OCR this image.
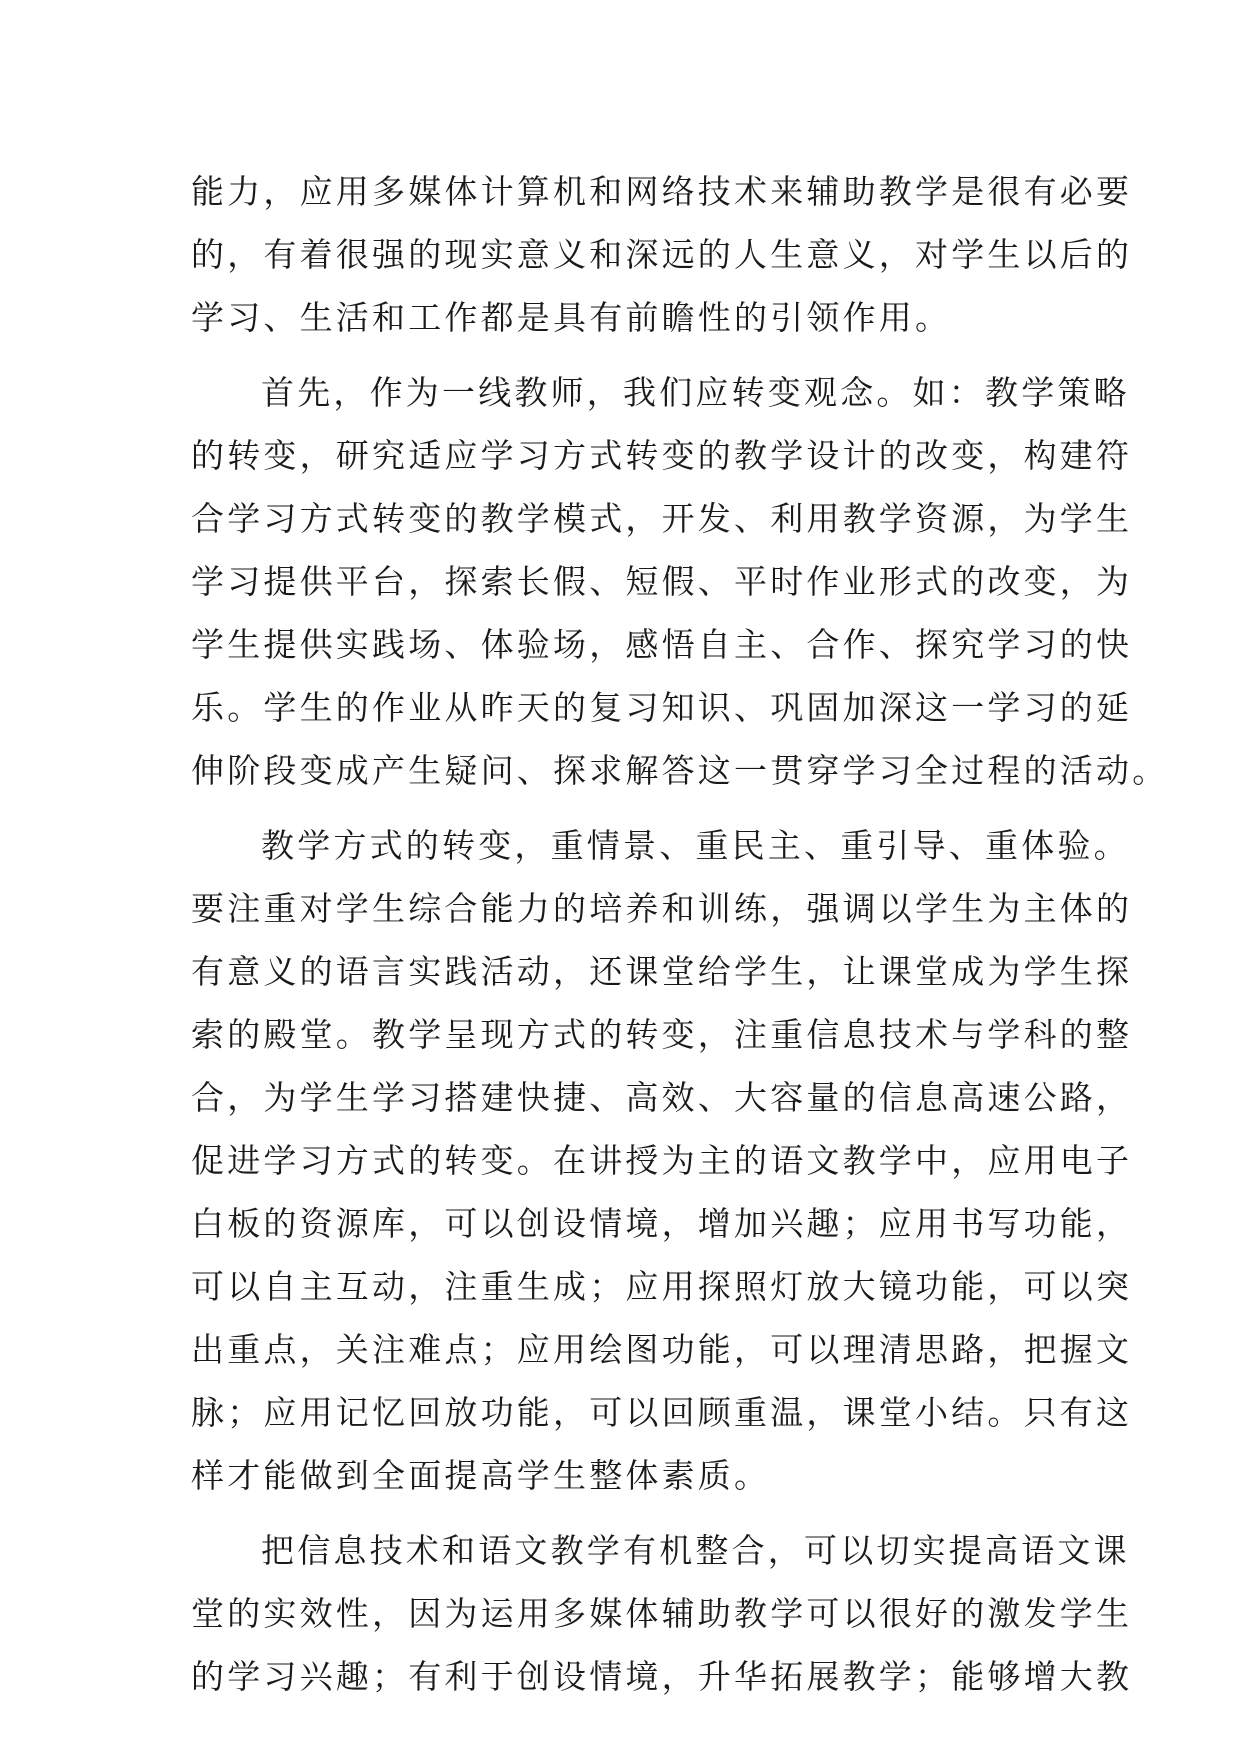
能力，应用多媒体计算机和网络技术来辅助教学是很有必要
的，有着很强的现实意义和深远的人生意义，对学生以后的
学习、生活和工作都是具有前瞻性的引领作用。
首先，作为一线教师，我们应转变观念。如：教学策略
的转变，研究适应学习方式转变的教学设计的改变，构建符
合学习方式转变的教学模式，开发、利用教学资源，为学生
学习提供平台，探索长假、短假、平时作业形式的改变，为
学生提供实践场、体验场，感悟自主、合作、探究学习的快
乐。学生的作业从昨天的复习知识、巩固加深这一学习的延
伸阶段变成产生疑问、探求解答这一贯穿学习全过程的活动。
教学方式的转变，重情景、重民主、重引导、重体验。
要注重对学生综合能力的培养和训练，强调以学生为主体的
有意义的语言实践活动，还课堂给学生，让课堂成为学生探
索的殿堂。教学呈现方式的转变，注重信息技术与学科的整
合，为学生学习搭建快捷、高效、大容量的信息高速公路，
促进学习方式的转变。在讲授为主的语文教学中，应用电子
白板的资源库，可以创设情境，增加兴趣；应用书写功能，
可以自主互动，注重生成；应用探照灯放大镜功能，可以突
出重点，关注难点；应用绘图功能，可以理清思路，把握文
脉；应用记忆回放功能，可以回顾重温，课堂小结。只有这
样才能做到全面提高学生整体素质。
把信息技术和语文教学有机整合，可以切实提高语文课
堂的实效性，因为运用多媒体辅助教学可以很好的激发学生
的学习兴趣；有利于创设情境，升华拓展教学；能够增大教
